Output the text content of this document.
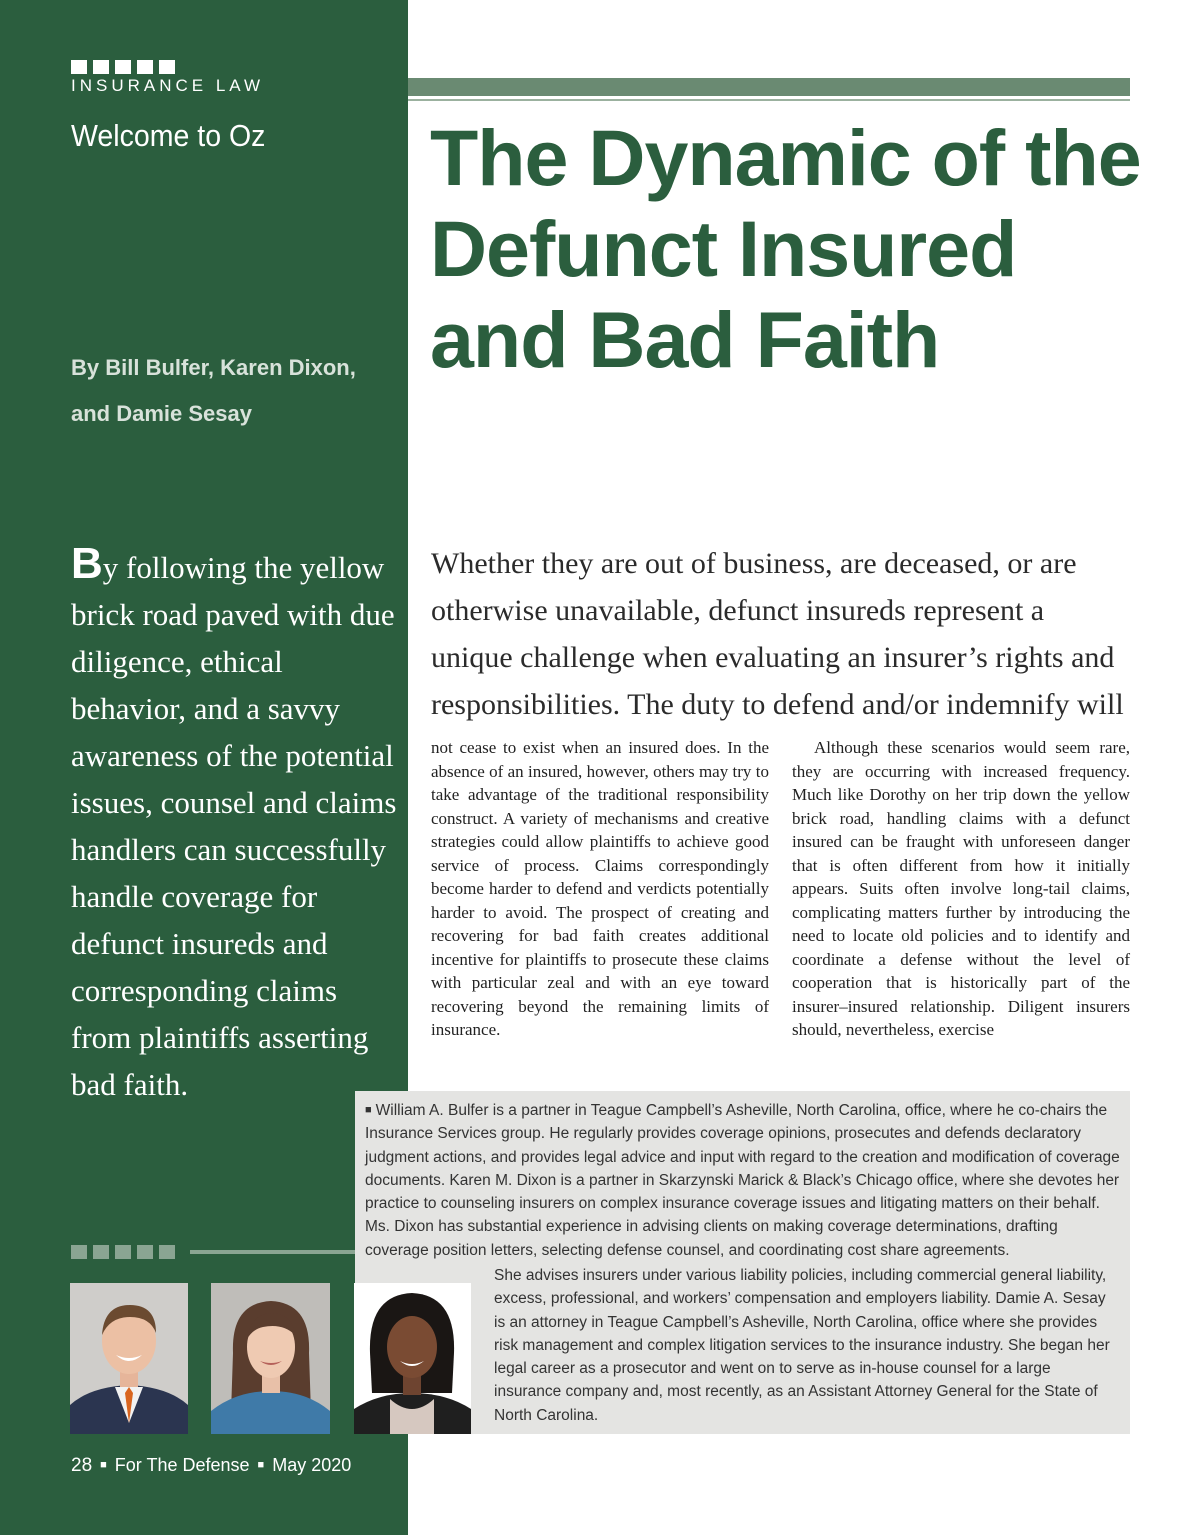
INSURANCE LAW
Welcome to Oz
By Bill Bulfer, Karen Dixon,
and Damie Sesay
The Dynamic of the
Defunct Insured
and Bad Faith

By following the yellow brick road paved with due diligence, ethical behavior, and a savvy awareness of the potential issues, counsel and claims handlers can successfully handle coverage for defunct insureds and corresponding claims from plaintiffs asserting bad faith.

Whether they are out of business, are deceased, or are otherwise unavailable, defunct insureds represent a unique challenge when evaluating an insurer’s rights and responsibilities. The duty to defend and/or indemnify will

not cease to exist when an insured does. In the absence of an insured, however, others may try to take advantage of the traditional responsibility construct. A variety of mechanisms and creative strategies could allow plaintiffs to achieve good service of process. Claims correspondingly become harder to defend and verdicts potentially harder to avoid. The prospect of creating and recovering for bad faith creates additional incentive for plaintiffs to prosecute these claims with particular zeal and with an eye toward recovering beyond the remaining limits of insurance.

Although these scenarios would seem rare, they are occurring with increased frequency. Much like Dorothy on her trip down the yellow brick road, handling claims with a defunct insured can be fraught with unforeseen danger that is often different from how it initially appears. Suits often involve long-tail claims, complicating matters further by introducing the need to locate old policies and to identify and coordinate a defense without the level of cooperation that is historically part of the insurer–insured relationship. Diligent insurers should, nevertheless, exercise

■ William A. Bulfer is a partner in Teague Campbell’s Asheville, North Carolina, office, where he co-chairs the Insurance Services group. He regularly provides coverage opinions, prosecutes and defends declaratory judgment actions, and provides legal advice and input with regard to the creation and modification of coverage documents. Karen M. Dixon is a partner in Skarzynski Marick & Black’s Chicago office, where she devotes her practice to counseling insurers on complex insurance coverage issues and litigating matters on their behalf. Ms. Dixon has substantial experience in advising clients on making coverage determinations, drafting coverage position letters, selecting defense counsel, and coordinating cost share agreements.

She advises insurers under various liability policies, including commercial general liability, excess, professional, and workers’ compensation and employers liability. Damie A. Sesay is an attorney in Teague Campbell’s Asheville, North Carolina, office where she provides risk management and complex litigation services to the insurance industry. She began her legal career as a prosecutor and went on to serve as in-house counsel for a large insurance company and, most recently, as an Assistant Attorney General for the State of North Carolina.

28 ■ For The Defense ■ May 2020
